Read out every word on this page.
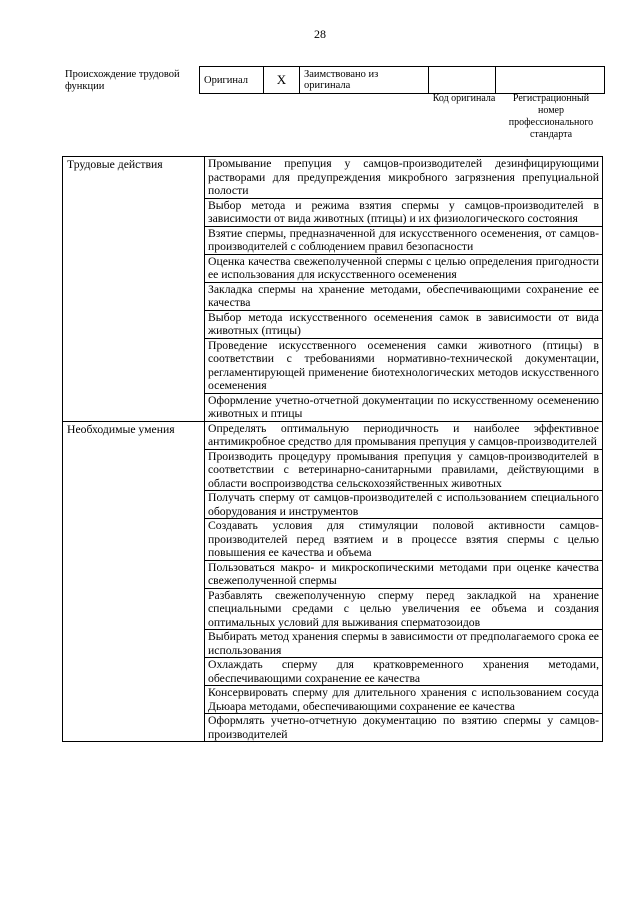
28
Происхождение трудовой функции
Оригинал	X	Заимствовано из оригинала		
Код оригинала	Регистрационный номер профессионального стандарта
Трудовые действия	Промывание препуция у самцов-производителей дезинфицирующими растворами для предупреждения микробного загрязнения препуциальной полости
	Выбор метода и режима взятия спермы у самцов-производителей в зависимости от вида животных (птицы) и их физиологического состояния
	Взятие спермы, предназначенной для искусственного осеменения, от самцов-производителей с соблюдением правил безопасности
	Оценка качества свежеполученной спермы с целью определения пригодности ее использования для искусственного осеменения
	Закладка спермы на хранение методами, обеспечивающими сохранение ее качества
	Выбор метода искусственного осеменения самок в зависимости от вида животных (птицы)
	Проведение искусственного осеменения самки животного (птицы) в соответствии с требованиями нормативно-технической документации, регламентирующей применение биотехнологических методов искусственного осеменения
	Оформление учетно-отчетной документации по искусственному осеменению животных и птицы
Необходимые умения	Определять оптимальную периодичность и наиболее эффективное антимикробное средство для промывания препуция у самцов-производителей
	Производить процедуру промывания препуция у самцов-производителей в соответствии с ветеринарно-санитарными правилами, действующими в области воспроизводства сельскохозяйственных животных
	Получать сперму от самцов-производителей с использованием специального оборудования и инструментов
	Создавать условия для стимуляции половой активности самцов-производителей перед взятием и в процессе взятия спермы с целью повышения ее качества и объема
	Пользоваться макро- и микроскопическими методами при оценке качества свежеполученной спермы
	Разбавлять свежеполученную сперму перед закладкой на хранение специальными средами с целью увеличения ее объема и создания оптимальных условий для выживания сперматозоидов
	Выбирать метод хранения спермы в зависимости от предполагаемого срока ее использования
	Охлаждать сперму для кратковременного хранения методами, обеспечивающими сохранение ее качества
	Консервировать сперму для длительного хранения с использованием сосуда Дьюара методами, обеспечивающими сохранение ее качества
	Оформлять учетно-отчетную документацию по взятию спермы у самцов-производителей
